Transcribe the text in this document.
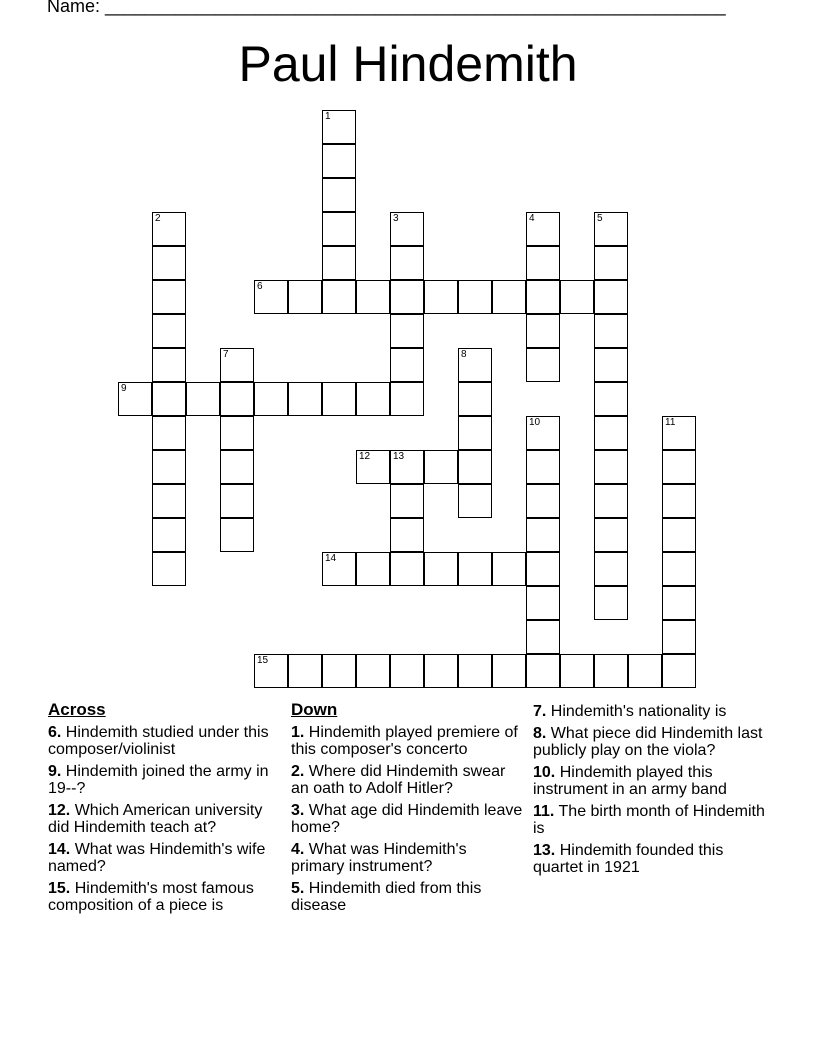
Name: ______________________________________________________________
Paul Hindemith
1
2	3	4	5
6
7	8
9
10	11
12 13
14
15
Across
6. Hindemith studied under this composer/violinist
9. Hindemith joined the army in 19--?
12. Which American university did Hindemith teach at?
14. What was Hindemith's wife named?
15. Hindemith's most famous composition of a piece is
Down
1. Hindemith played premiere of this composer's concerto
2. Where did Hindemith swear an oath to Adolf Hitler?
3. What age did Hindemith leave home?
4. What was Hindemith's primary instrument?
5. Hindemith died from this disease
7. Hindemith's nationality is
8. What piece did Hindemith last publicly play on the viola?
10. Hindemith played this instrument in an army band
11. The birth month of Hindemith is
13. Hindemith founded this quartet in 1921
